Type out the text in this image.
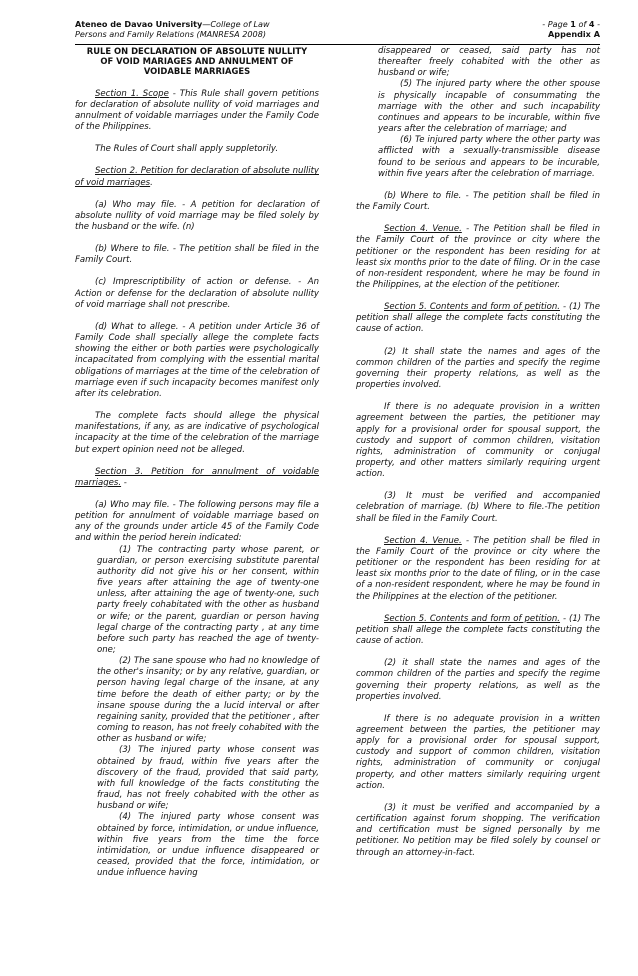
Ateneo de Davao University—College of Law
Persons and Family Relations (MANRESA 2008)
- Page 1 of 4 -
Appendix A
RULE ON DECLARATION OF ABSOLUTE NULLITY OF VOID MARIAGES AND ANNULMENT OF VOIDABLE MARRIAGES

Section 1. Scope - This Rule shall govern petitions for declaration of absolute nullity of void marriages and annulment of voidable marriages under the Family Code of the Philippines.

The Rules of Court shall apply suppletorily.

Section 2. Petition for declaration of absolute nullity of void marriages.

(a) Who may file. - A petition for declaration of absolute nullity of void marriage may be filed solely by the husband or the wife. (n)

(b) Where to file. - The petition shall be filed in the Family Court.

(c) Imprescriptibility of action or defense. - An Action or defense for the declaration of absolute nullity of void marriage shall not prescribe.

(d) What to allege. - A petition under Article 36 of Family Code shall specially allege the complete facts showing the either or both parties were psychologically incapacitated from complying with the essential marital obligations of marriages at the time of the celebration of marriage even if such incapacity becomes manifest only after its celebration.

The complete facts should allege the physical manifestations, if any, as are indicative of psychological incapacity at the time of the celebration of the marriage but expert opinion need not be alleged.

Section 3. Petition for annulment of voidable marriages. -

(a) Who may file. - The following persons may file a petition for annulment of voidable marriage based on any of the grounds under article 45 of the Family Code and within the period herein indicated:

(1) The contracting party whose parent, or guardian, or person exercising substitute parental authority did not give his or her consent, within five years after attaining the age of twenty-one unless, after attaining the age of twenty-one, such party freely cohabitated with the other as husband or wife; or the parent, guardian or person having legal charge of the contracting party , at any time before such party has reached the age of twenty-one;

(2) The sane spouse who had no knowledge of the other's insanity; or by any relative, guardian, or person having legal charge of the insane, at any time before the death of either party; or by the insane spouse during the a lucid interval or after regaining sanity, provided that the petitioner , after coming to reason, has not freely cohabited with the other as husband or wife;

(3) The injured party whose consent was obtained by fraud, within five years after the discovery of the fraud, provided that said party, with full knowledge of the facts constituting the fraud, has not freely cohabited with the other as husband or wife;

(4) The injured party whose consent was obtained by force, intimidation, or undue influence, within five years from the time the force intimidation, or undue influence disappeared or ceased, provided that the force, intimidation, or undue influence having

disappeared or ceased, said party has not thereafter freely cohabited with the other as husband or wife;

(5) The injured party where the other spouse is physically incapable of consummating the marriage with the other and such incapability continues and appears to be incurable, within five years after the celebration of marriage; and

(6) Te injured party where the other party was afflicted with a sexually-transmissible disease found to be serious and appears to be incurable, within five years after the celebration of marriage.

(b) Where to file. - The petition shall be filed in the Family Court.

Section 4. Venue. - The Petition shall be filed in the Family Court of the province or city where the petitioner or the respondent has been residing for at least six months prior to the date of filing. Or in the case of non-resident respondent, where he may be found in the Philippines, at the election of the petitioner.

Section 5. Contents and form of petition. - (1) The petition shall allege the complete facts constituting the cause of action.

(2) It shall state the names and ages of the common children of the parties and specify the regime governing their property relations, as well as the properties involved.

If there is no adequate provision in a written agreement between the parties, the petitioner may apply for a provisional order for spousal support, the custody and support of common children, visitation rights, administration of community or conjugal property, and other matters similarly requiring urgent action.

(3) It must be verified and accompanied celebration of marriage. (b) Where to file.-The petition shall be filed in the Family Court.

Section 4. Venue. - The petition shall be filed in the Family Court of the province or city where the petitioner or the respondent has been residing for at least six months prior to the date of filing, or in the case of a non-resident respondent, where he may be found in the Philippines at the election of the petitioner.

Section 5. Contents and form of petition. - (1) The petition shall allege the complete facts constituting the cause of action.

(2) it shall state the names and ages of the common children of the parties and specify the regime governing their property relations, as well as the properties involved.

If there is no adequate provision in a written agreement between the parties, the petitioner may apply for a provisional order for spousal support, custody and support of common children, visitation rights, administration of community or conjugal property, and other matters similarly requiring urgent action.

(3) it must be verified and accompanied by a certification against forum shopping. The verification and certification must be signed personally by me petitioner. No petition may be filed solely by counsel or through an attorney-in-fact.
